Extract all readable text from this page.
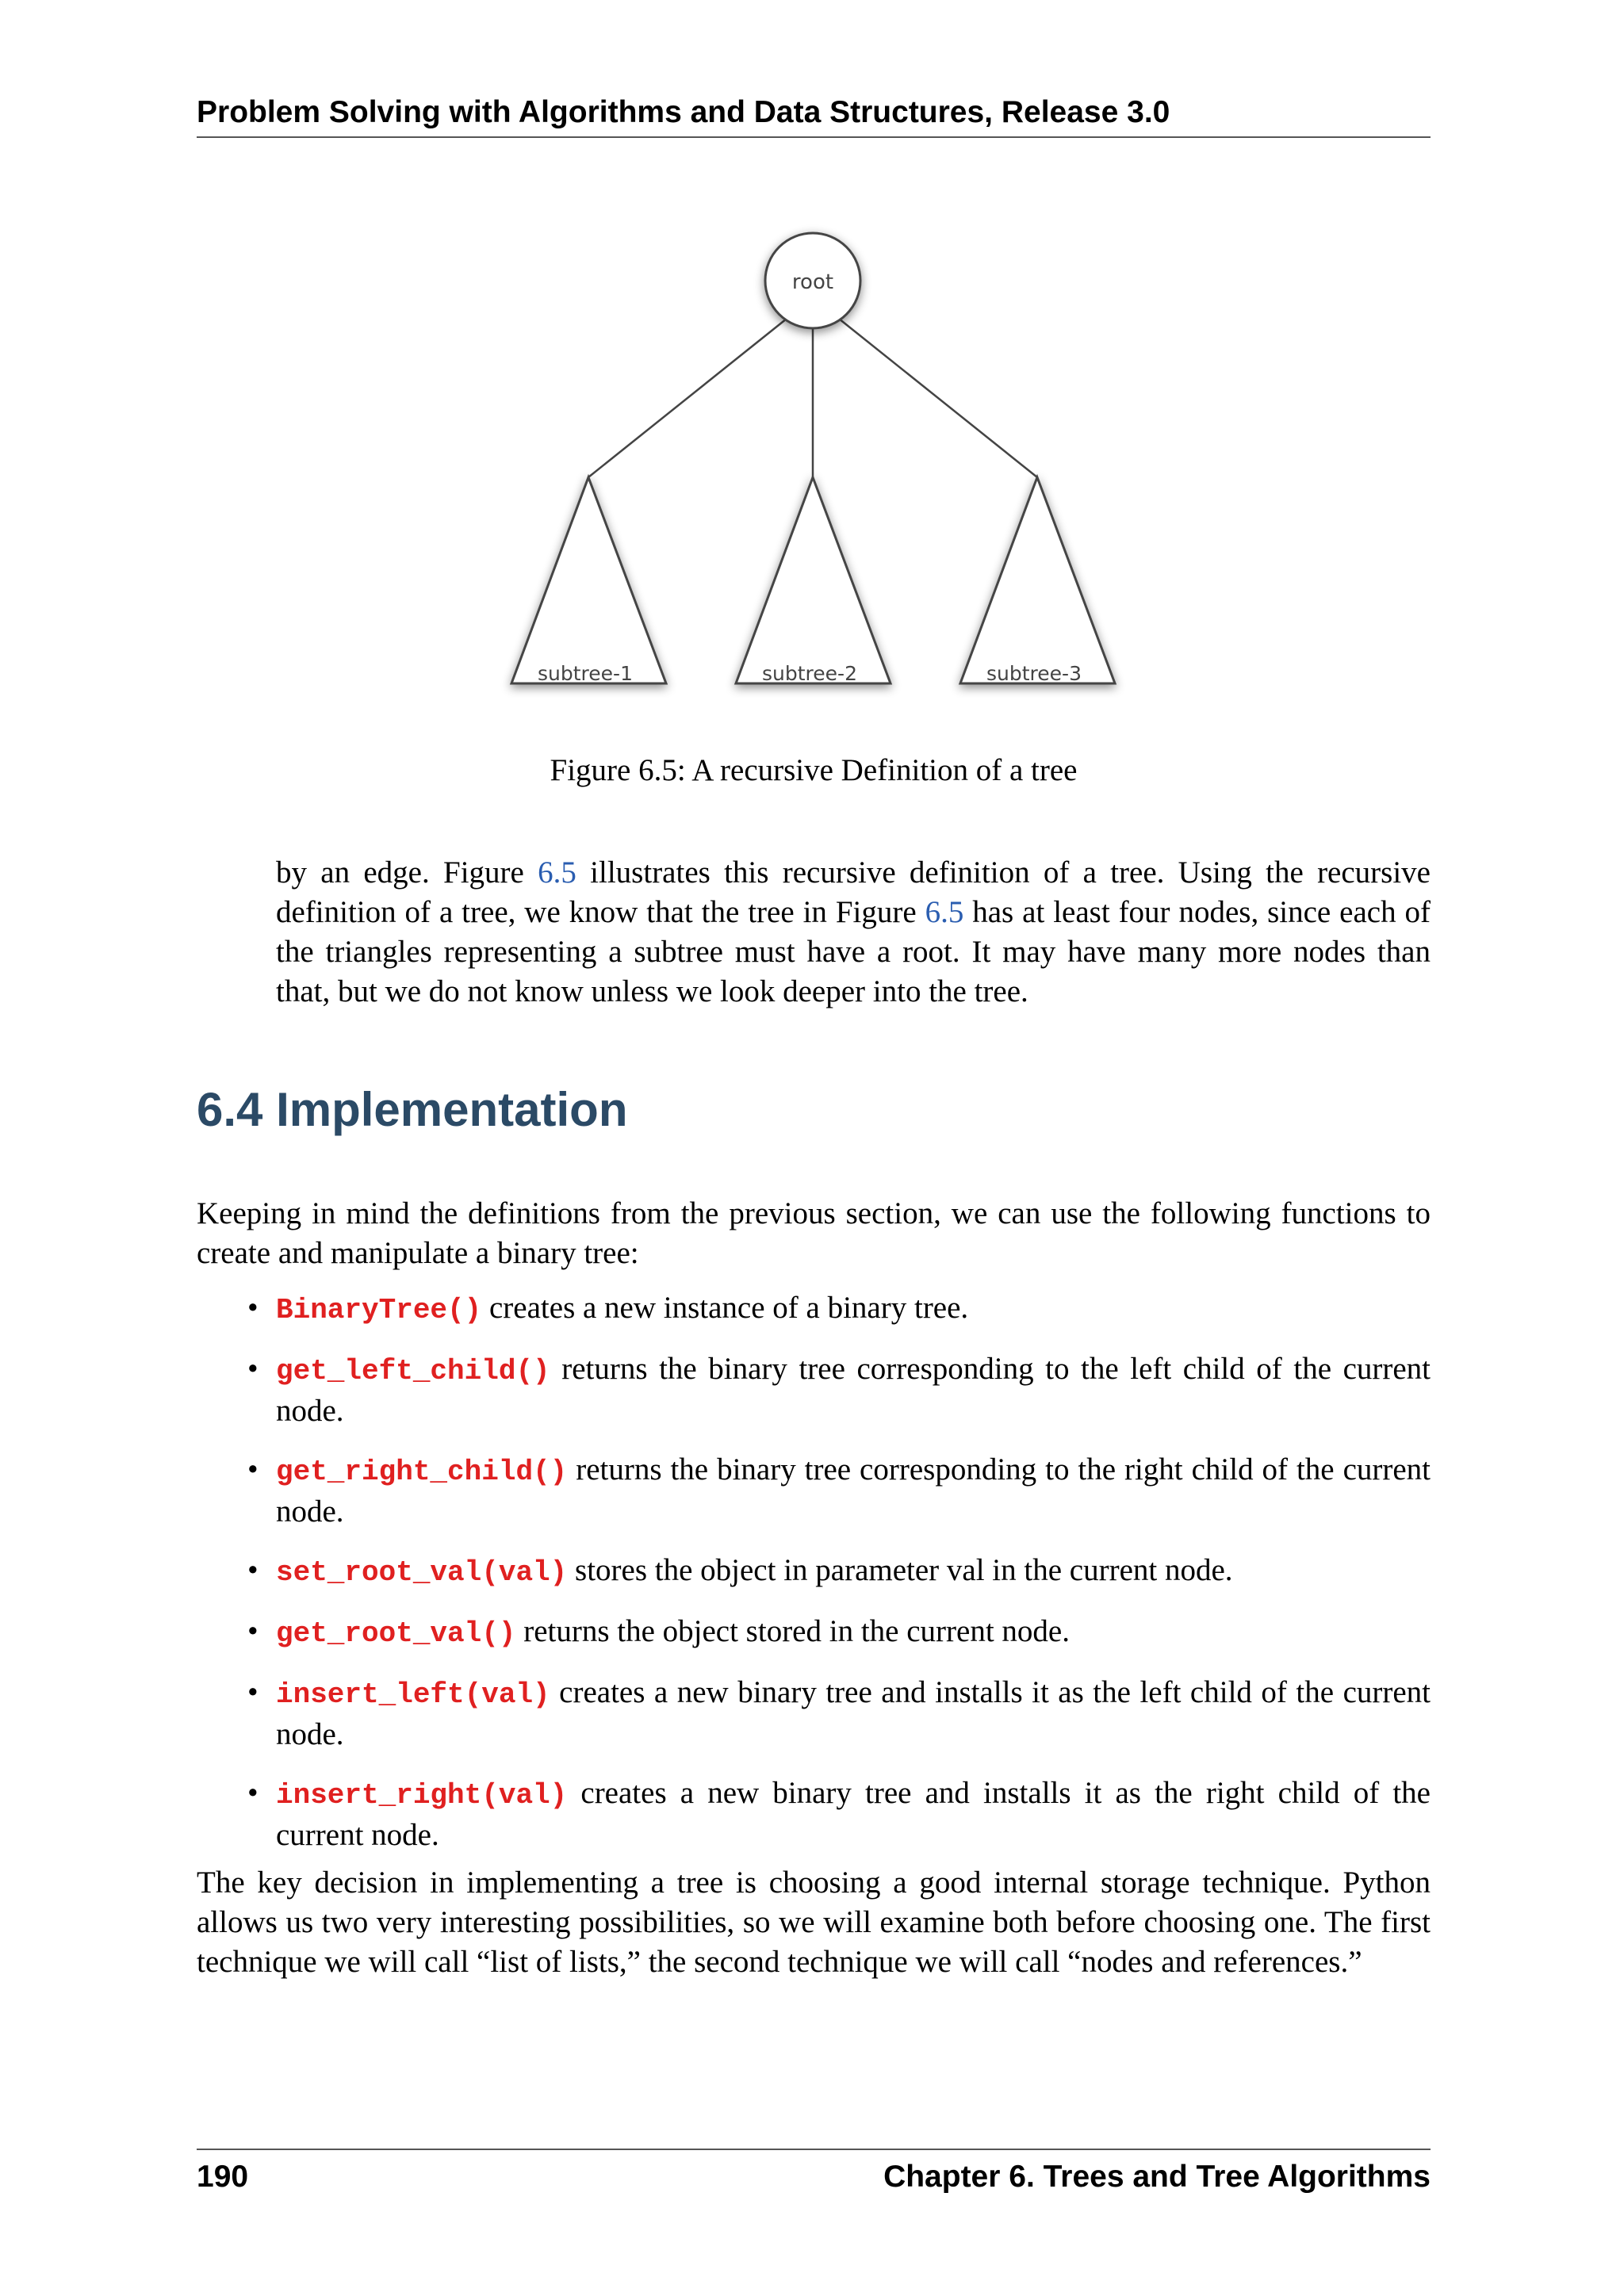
Problem Solving with Algorithms and Data Structures, Release 3.0
subtree-1	subtree-2	subtree-3
root
Figure 6.5: A recursive Definition of a tree

by an edge. Figure 6.5 illustrates this recursive definition of a tree. Using the recursive definition of a tree, we know that the tree in Figure 6.5 has at least four nodes, since each of the triangles representing a subtree must have a root. It may have many more nodes than that, but we do not know unless we look deeper into the tree.

6.4 Implementation

Keeping in mind the definitions from the previous section, we can use the following functions to create and manipulate a binary tree:

• BinaryTree() creates a new instance of a binary tree.
• get_left_child() returns the binary tree corresponding to the left child of the current node.
• get_right_child() returns the binary tree corresponding to the right child of the current node.
• set_root_val(val) stores the object in parameter val in the current node.
• get_root_val() returns the object stored in the current node.
• insert_left(val) creates a new binary tree and installs it as the left child of the current node.
• insert_right(val) creates a new binary tree and installs it as the right child of the current node.

The key decision in implementing a tree is choosing a good internal storage technique. Python allows us two very interesting possibilities, so we will examine both before choosing one. The first technique we will call “list of lists,” the second technique we will call “nodes and references.”

190	Chapter 6. Trees and Tree Algorithms
